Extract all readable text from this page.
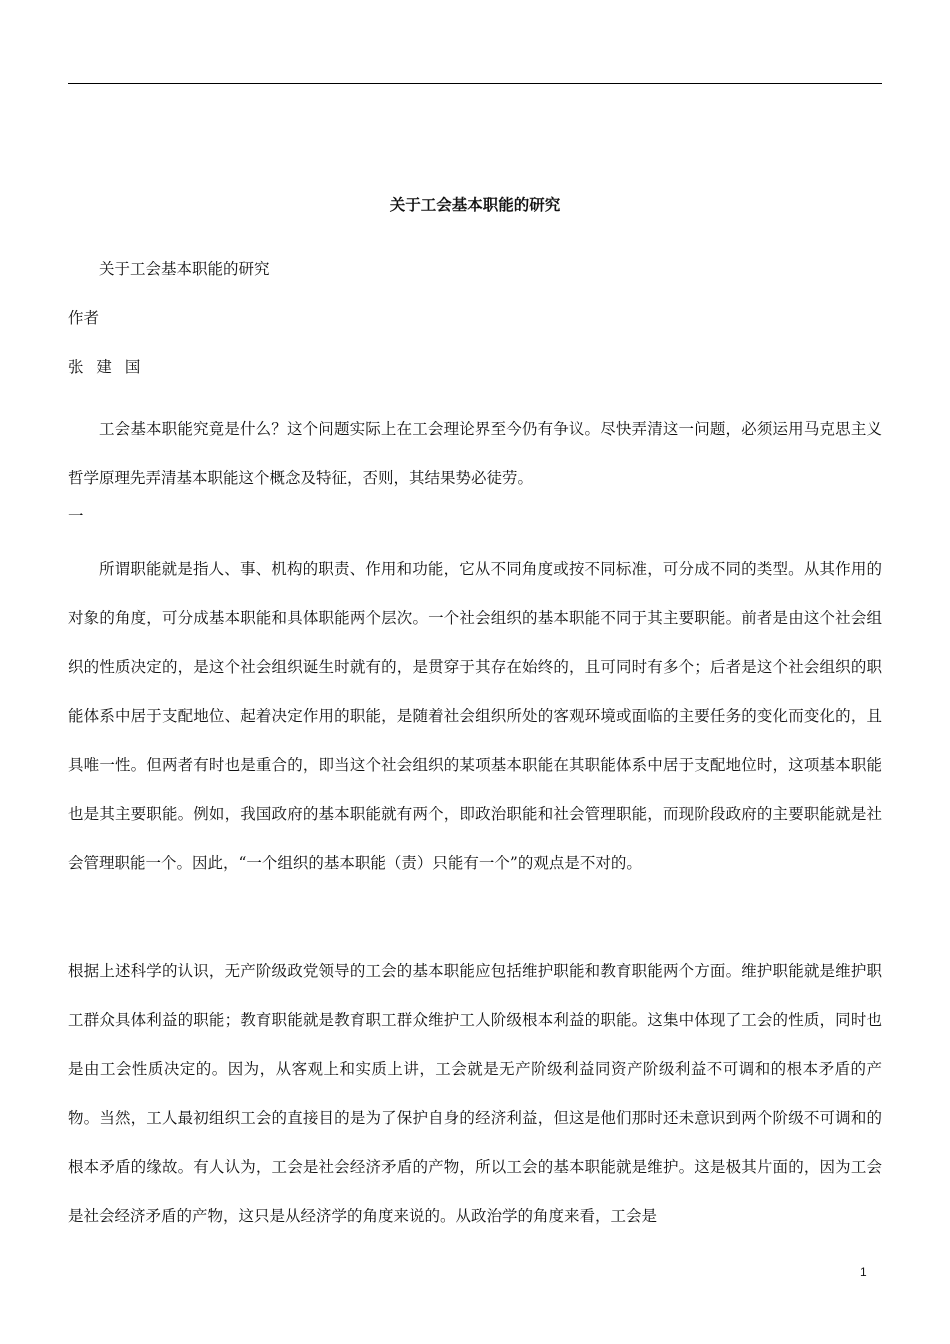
关于工会基本职能的研究

关于工会基本职能的研究

作者

张 建 国

工会基本职能究竟是什么？这个问题实际上在工会理论界至今仍有争议。尽快弄清这一问题，必须运用马克思主义哲学原理先弄清基本职能这个概念及特征，否则，其结果势必徒劳。

一

所谓职能就是指人、事、机构的职责、作用和功能，它从不同角度或按不同标准，可分成不同的类型。从其作用的对象的角度，可分成基本职能和具体职能两个层次。一个社会组织的基本职能不同于其主要职能。前者是由这个社会组织的性质决定的，是这个社会组织诞生时就有的，是贯穿于其存在始终的，且可同时有多个；后者是这个社会组织的职能体系中居于支配地位、起着决定作用的职能，是随着社会组织所处的客观环境或面临的主要任务的变化而变化的，且具唯一性。但两者有时也是重合的，即当这个社会组织的某项基本职能在其职能体系中居于支配地位时，这项基本职能也是其主要职能。例如，我国政府的基本职能就有两个，即政治职能和社会管理职能，而现阶段政府的主要职能就是社会管理职能一个。因此，“一个组织的基本职能（责）只能有一个”的观点是不对的。

根据上述科学的认识，无产阶级政党领导的工会的基本职能应包括维护职能和教育职能两个方面。维护职能就是维护职工群众具体利益的职能；教育职能就是教育职工群众维护工人阶级根本利益的职能。这集中体现了工会的性质，同时也是由工会性质决定的。因为，从客观上和实质上讲，工会就是无产阶级利益同资产阶级利益不可调和的根本矛盾的产物。当然，工人最初组织工会的直接目的是为了保护自身的经济利益，但这是他们那时还未意识到两个阶级不可调和的根本矛盾的缘故。有人认为，工会是社会经济矛盾的产物，所以工会的基本职能就是维护。这是极其片面的，因为工会是社会经济矛盾的产物，这只是从经济学的角度来说的。从政治学的角度来看，工会是

1
